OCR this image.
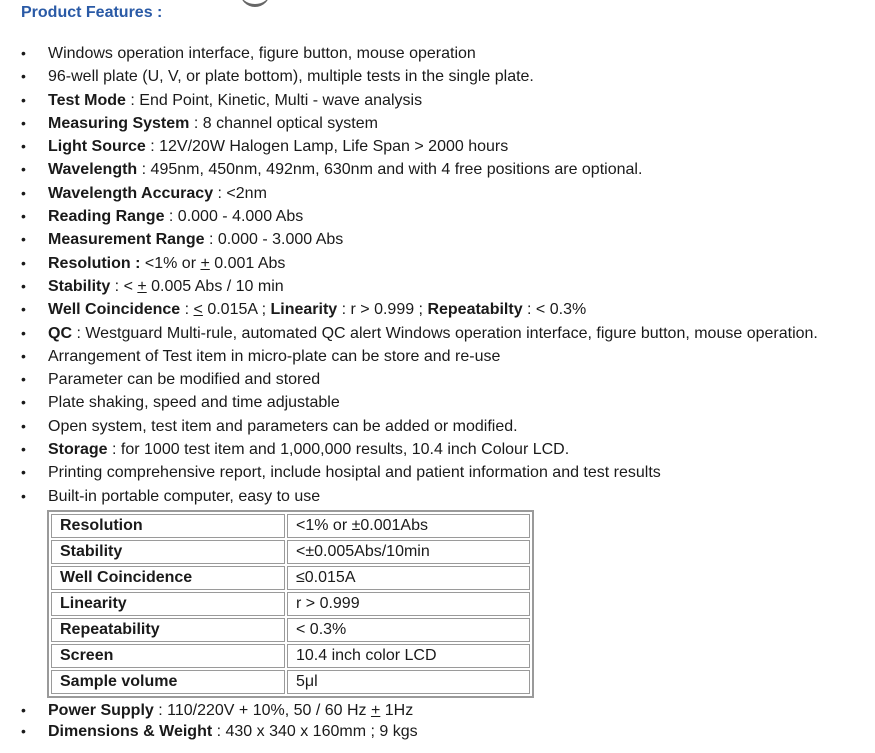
Product Features :
• Windows operation interface, figure button, mouse operation
• 96-well plate (U, V, or plate bottom), multiple tests in the single plate.
• Test Mode : End Point, Kinetic, Multi - wave analysis
• Measuring System : 8 channel optical system
• Light Source : 12V/20W Halogen Lamp, Life Span > 2000 hours
• Wavelength : 495nm, 450nm, 492nm, 630nm and with 4 free positions are optional.
• Wavelength Accuracy : <2nm
• Reading Range : 0.000 - 4.000 Abs
• Measurement Range : 0.000 - 3.000 Abs
• Resolution : <1% or + 0.001 Abs
• Stability : < + 0.005 Abs / 10 min
• Well Coincidence : < 0.015A ; Linearity : r > 0.999 ; Repeatabilty : < 0.3%
• QC : Westguard Multi-rule, automated QC alert Windows operation interface, figure button, mouse operation.
• Arrangement of Test item in micro-plate can be store and re-use
• Parameter can be modified and stored
• Plate shaking, speed and time adjustable
• Open system, test item and parameters can be added or modified.
• Storage : for 1000 test item and 1,000,000 results, 10.4 inch Colour LCD.
• Printing comprehensive report, include hosiptal and patient information and test results
• Built-in portable computer, easy to use
Resolution	<1% or ±0.001Abs
Stability	<±0.005Abs/10min
Well Coincidence	≤0.015A
Linearity	r > 0.999
Repeatability	< 0.3%
Screen	10.4 inch color LCD
Sample volume	5μl
• Power Supply : 110/220V + 10%, 50 / 60 Hz + 1Hz
• Dimensions & Weight : 430 x 340 x 160mm ; 9 kgs
